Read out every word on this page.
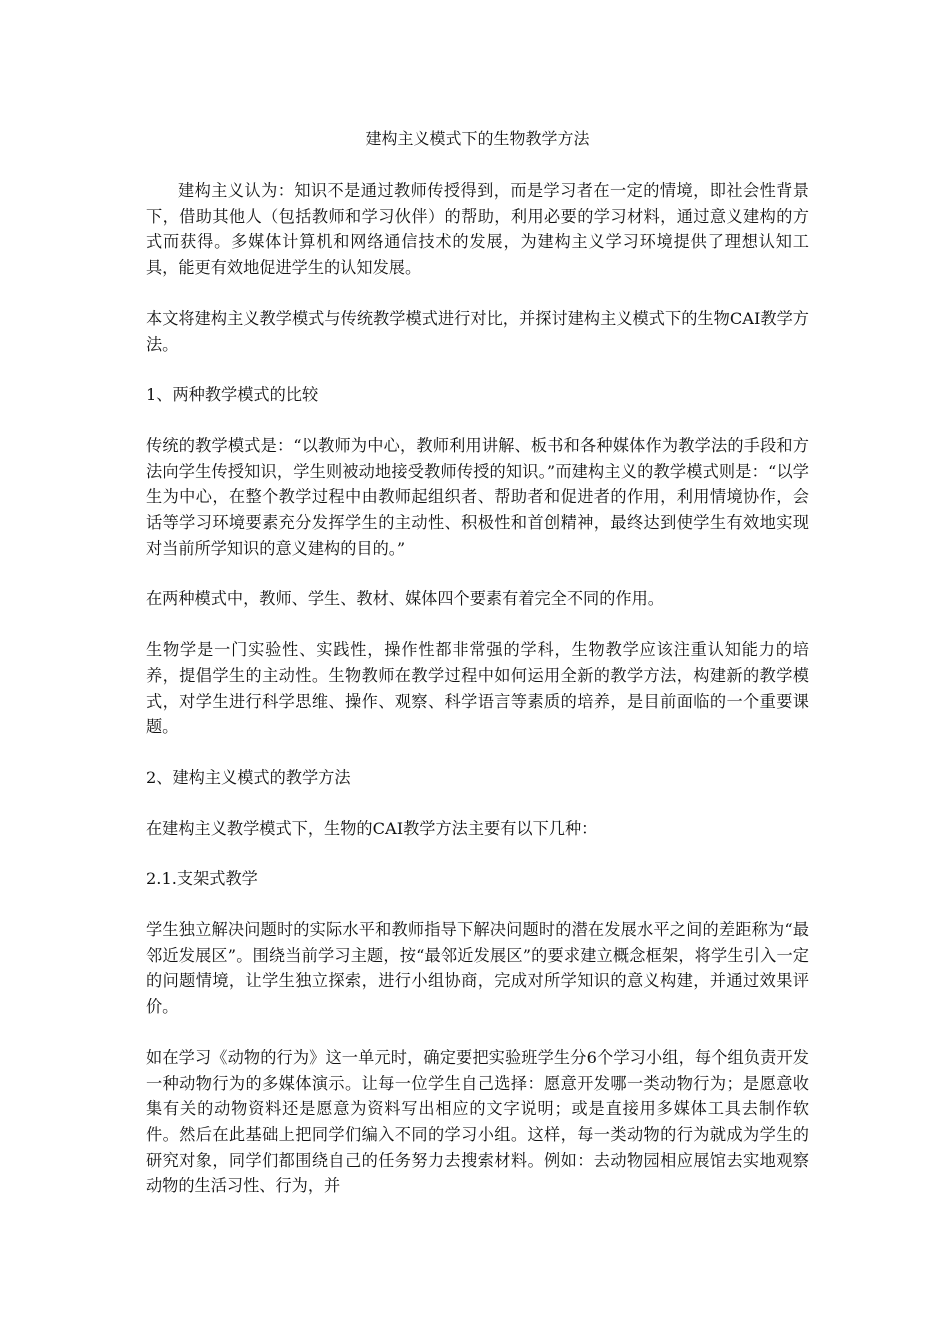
建构主义模式下的生物教学方法

建构主义认为：知识不是通过教师传授得到，而是学习者在一定的情境，即社会性背景下，借助其他人（包括教师和学习伙伴）的帮助，利用必要的学习材料，通过意义建构的方式而获得。多媒体计算机和网络通信技术的发展，为建构主义学习环境提供了理想认知工具，能更有效地促进学生的认知发展。

本文将建构主义教学模式与传统教学模式进行对比，并探讨建构主义模式下的生物CAI教学方法。

1、两种教学模式的比较

传统的教学模式是：“以教师为中心，教师利用讲解、板书和各种媒体作为教学法的手段和方法向学生传授知识，学生则被动地接受教师传授的知识。”而建构主义的教学模式则是：“以学生为中心，在整个教学过程中由教师起组织者、帮助者和促进者的作用，利用情境协作，会话等学习环境要素充分发挥学生的主动性、积极性和首创精神，最终达到使学生有效地实现对当前所学知识的意义建构的目的。”

在两种模式中，教师、学生、教材、媒体四个要素有着完全不同的作用。

生物学是一门实验性、实践性，操作性都非常强的学科，生物教学应该注重认知能力的培养，提倡学生的主动性。生物教师在教学过程中如何运用全新的教学方法，构建新的教学模式，对学生进行科学思维、操作、观察、科学语言等素质的培养，是目前面临的一个重要课题。

2、建构主义模式的教学方法

在建构主义教学模式下，生物的CAI教学方法主要有以下几种：

2.1.支架式教学

学生独立解决问题时的实际水平和教师指导下解决问题时的潜在发展水平之间的差距称为“最邻近发展区”。围绕当前学习主题，按“最邻近发展区”的要求建立概念框架，将学生引入一定的问题情境，让学生独立探索，进行小组协商，完成对所学知识的意义构建，并通过效果评价。

如在学习《动物的行为》这一单元时，确定要把实验班学生分6个学习小组，每个组负责开发一种动物行为的多媒体演示。让每一位学生自己选择：愿意开发哪一类动物行为；是愿意收集有关的动物资料还是愿意为资料写出相应的文字说明；或是直接用多媒体工具去制作软件。然后在此基础上把同学们编入不同的学习小组。这样，每一类动物的行为就成为学生的研究对象，同学们都围绕自己的任务努力去搜索材料。例如：去动物园相应展馆去实地观察动物的生活习性、行为，并
